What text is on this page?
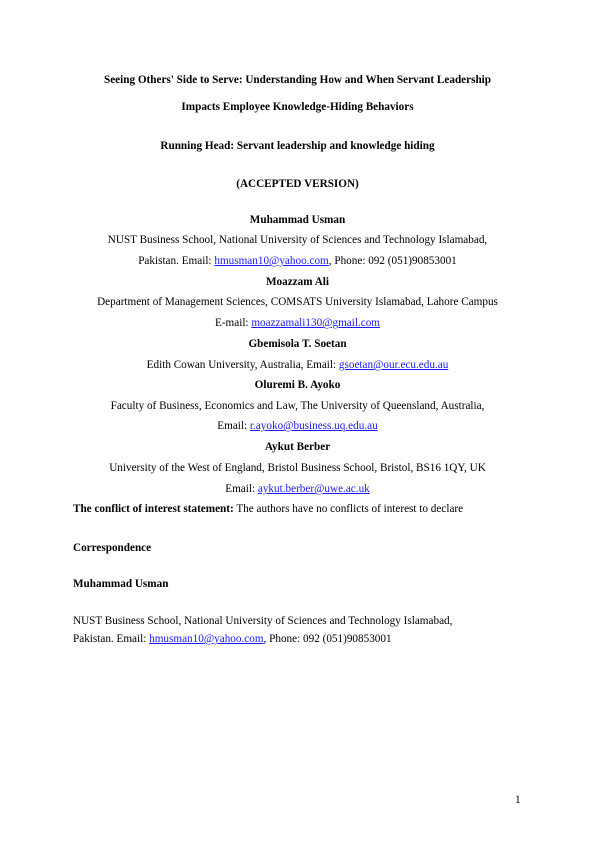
Seeing Others' Side to Serve: Understanding How and When Servant Leadership
Impacts Employee Knowledge-Hiding Behaviors
Running Head: Servant leadership and knowledge hiding
(ACCEPTED VERSION)
Muhammad Usman
NUST Business School, National University of Sciences and Technology Islamabad,
Pakistan. Email: hmusman10@yahoo.com, Phone: 092 (051)90853001
Moazzam Ali
Department of Management Sciences, COMSATS University Islamabad, Lahore Campus
E-mail: moazzamali130@gmail.com
Gbemisola T. Soetan
Edith Cowan University, Australia, Email: gsoetan@our.ecu.edu.au
Oluremi B. Ayoko
Faculty of Business, Economics and Law, The University of Queensland, Australia,
Email: r.ayoko@business.uq.edu.au
Aykut Berber
University of the West of England, Bristol Business School, Bristol, BS16 1QY, UK
Email: aykut.berber@uwe.ac.uk
The conflict of interest statement: The authors have no conflicts of interest to declare
Correspondence
Muhammad Usman
NUST Business School, National University of Sciences and Technology Islamabad,
Pakistan. Email: hmusman10@yahoo.com, Phone: 092 (051)90853001
1
